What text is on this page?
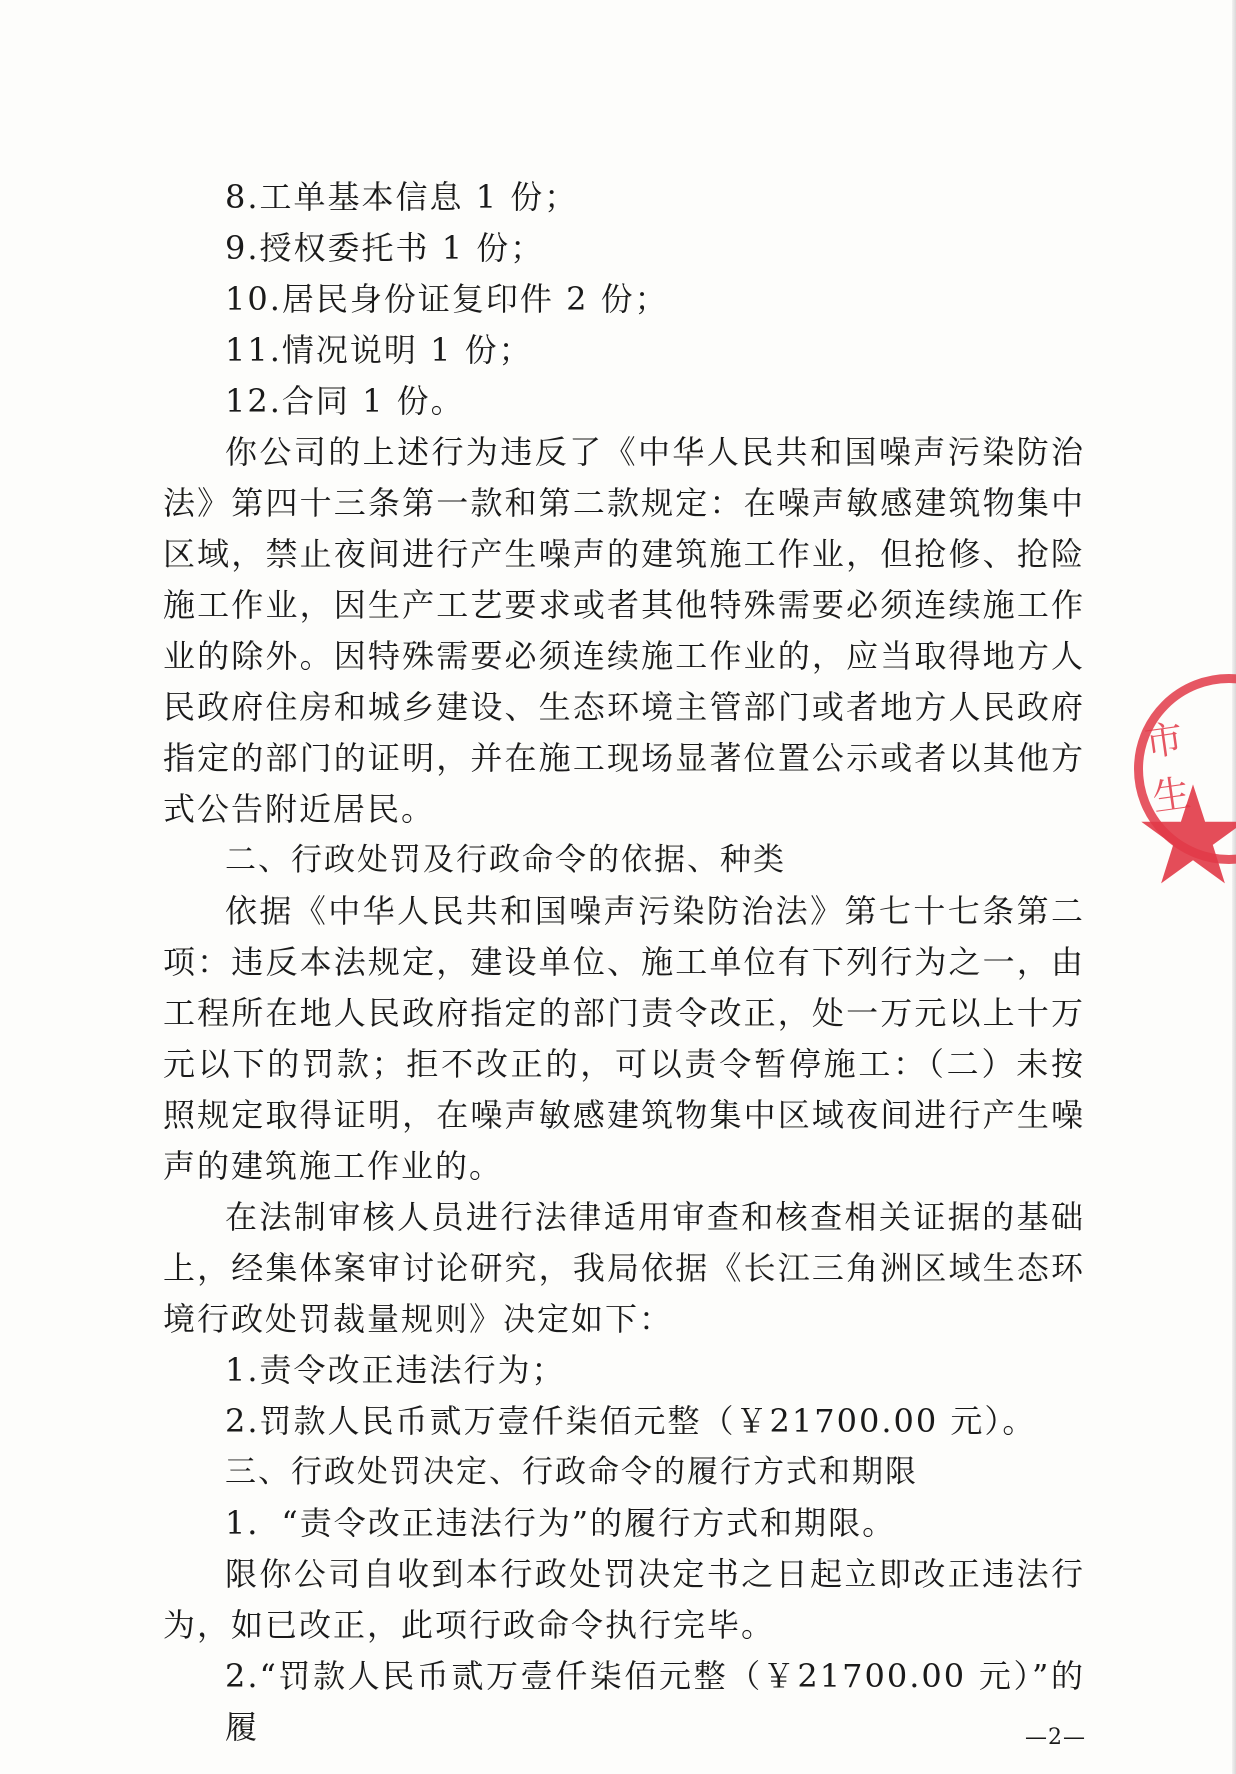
8.工单基本信息 1 份；

9.授权委托书 1 份；

10.居民身份证复印件 2 份；

11.情况说明 1 份；

12.合同 1 份。

你公司的上述行为违反了《中华人民共和国噪声污染防治法》第四十三条第一款和第二款规定：在噪声敏感建筑物集中区域，禁止夜间进行产生噪声的建筑施工作业，但抢修、抢险施工作业，因生产工艺要求或者其他特殊需要必须连续施工作业的除外。因特殊需要必须连续施工作业的，应当取得地方人民政府住房和城乡建设、生态环境主管部门或者地方人民政府指定的部门的证明，并在施工现场显著位置公示或者以其他方式公告附近居民。

二、行政处罚及行政命令的依据、种类

依据《中华人民共和国噪声污染防治法》第七十七条第二项：违反本法规定，建设单位、施工单位有下列行为之一，由工程所在地人民政府指定的部门责令改正，处一万元以上十万元以下的罚款；拒不改正的，可以责令暂停施工：（二）未按照规定取得证明，在噪声敏感建筑物集中区域夜间进行产生噪声的建筑施工作业的。

在法制审核人员进行法律适用审查和核查相关证据的基础上，经集体案审讨论研究，我局依据《长江三角洲区域生态环境行政处罚裁量规则》决定如下：

1.责令改正违法行为；

2.罚款人民币贰万壹仟柒佰元整（￥21700.00 元）。

三、行政处罚决定、行政命令的履行方式和期限

1．“责令改正违法行为”的履行方式和期限。

限你公司自收到本行政处罚决定书之日起立即改正违法行为，如已改正，此项行政命令执行完毕。

2.“罚款人民币贰万壹仟柒佰元整（￥21700.00 元）”的履

市生
—2—
